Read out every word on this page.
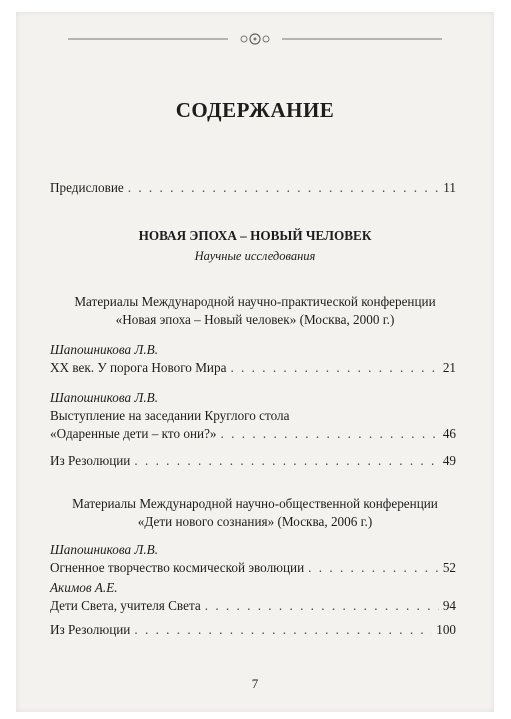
СОДЕРЖАНИЕ
Предисловие . . .	11
НОВАЯ ЭПОХА – НОВЫЙ ЧЕЛОВЕК
Научные исследования
Материалы Международной научно-практической конференции
«Новая эпоха – Новый человек» (Москва, 2000 г.)
Шапошникова Л.В.
XX век. У порога Нового Мира . . .	21
Шапошникова Л.В.
Выступление на заседании Круглого стола
«Одаренные дети – кто они?» . . .	46
Из Резолюции . . .	49
Материалы Международной научно-общественной конференции
«Дети нового сознания» (Москва, 2006 г.)
Шапошникова Л.В.
Огненное творчество космической эволюции . . .	52
Акимов А.Е.
Дети Света, учителя Света . . .	94
Из Резолюции . . .	100
7
